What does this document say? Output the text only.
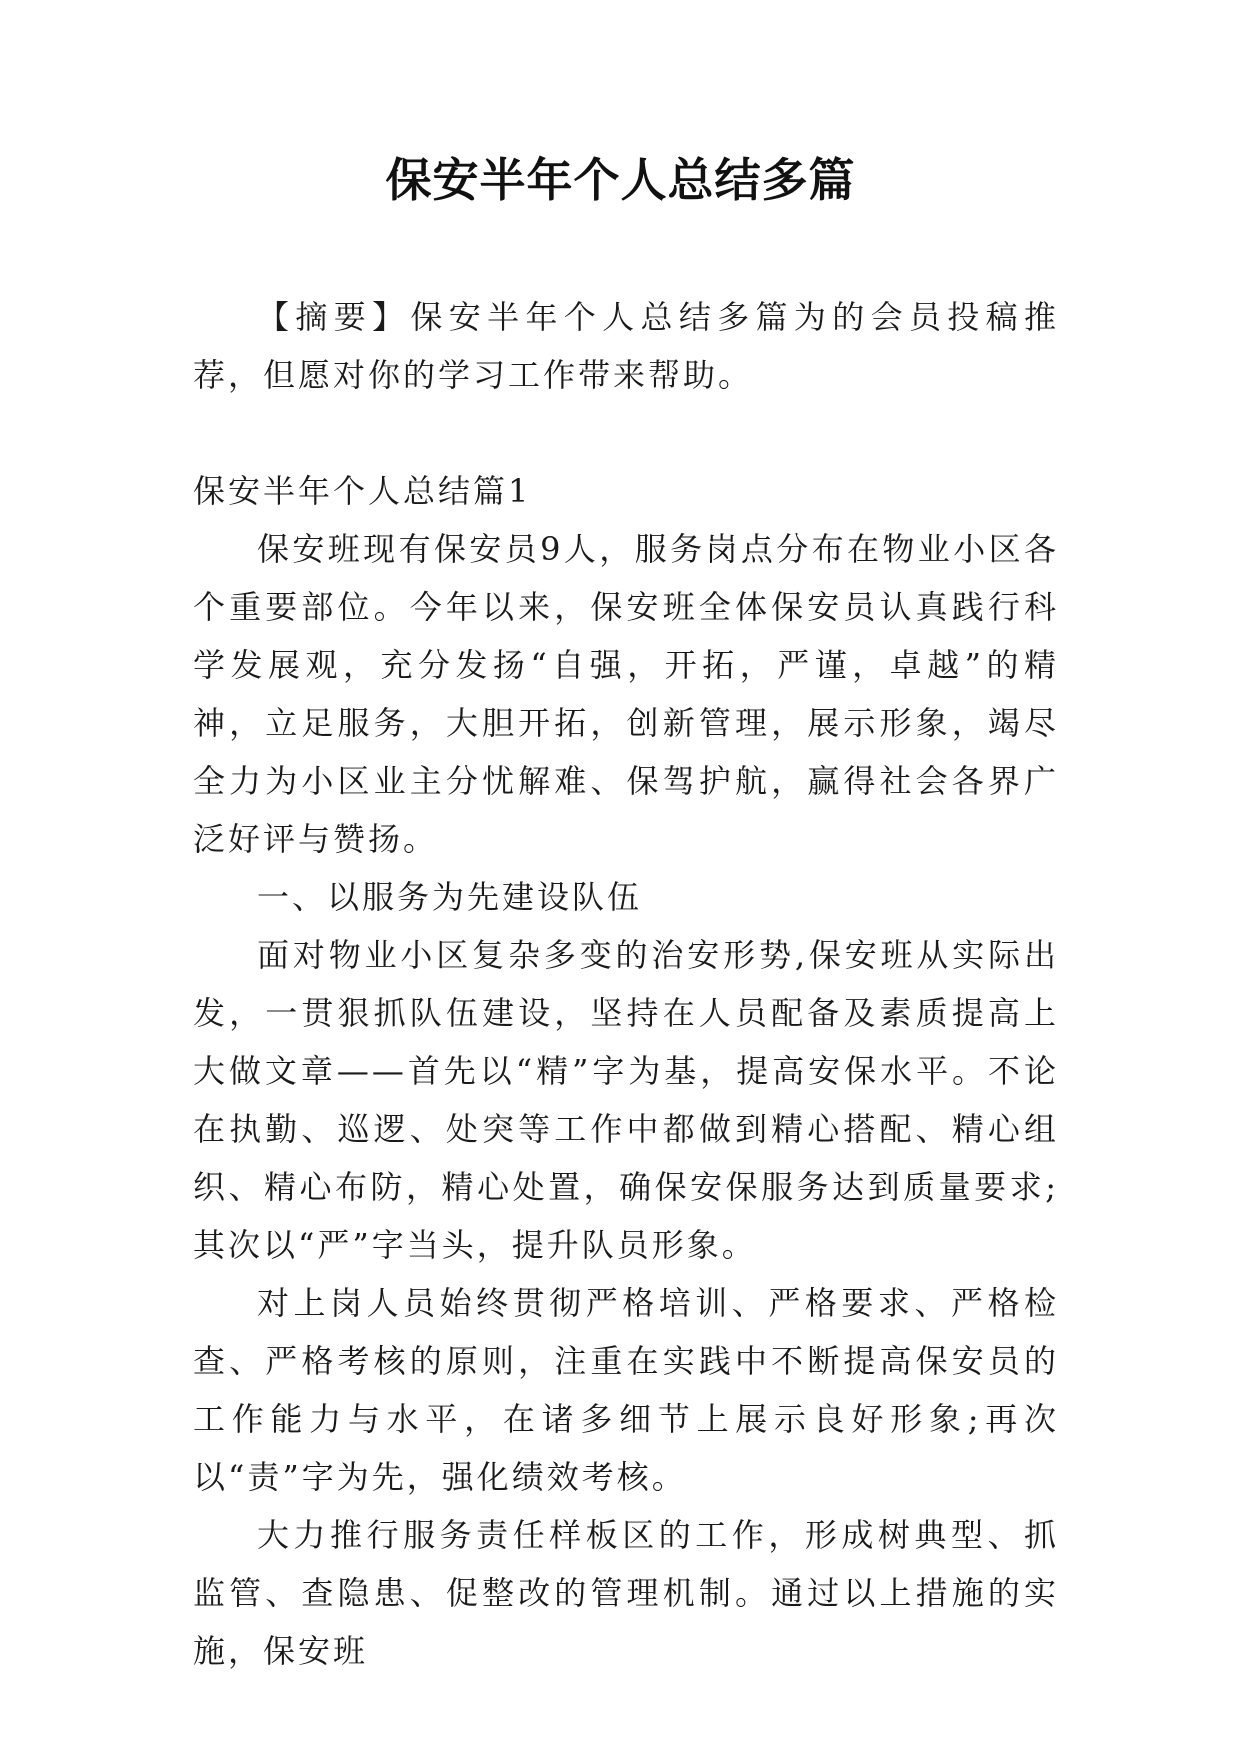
保安半年个人总结多篇

【摘要】保安半年个人总结多篇为的会员投稿推荐，但愿对你的学习工作带来帮助。

保安半年个人总结篇1

保安班现有保安员9人，服务岗点分布在物业小区各个重要部位。今年以来，保安班全体保安员认真践行科学发展观，充分发扬“自强，开拓，严谨，卓越”的精神，立足服务，大胆开拓，创新管理，展示形象，竭尽全力为小区业主分忧解难、保驾护航，赢得社会各界广泛好评与赞扬。

一、以服务为先建设队伍

面对物业小区复杂多变的治安形势,保安班从实际出发，一贯狠抓队伍建设，坚持在人员配备及素质提高上大做文章——首先以“精”字为基，提高安保水平。不论在执勤、巡逻、处突等工作中都做到精心搭配、精心组织、精心布防，精心处置，确保安保服务达到质量要求;其次以“严”字当头，提升队员形象。

对上岗人员始终贯彻严格培训、严格要求、严格检查、严格考核的原则，注重在实践中不断提高保安员的工作能力与水平，在诸多细节上展示良好形象;再次以“责”字为先，强化绩效考核。

大力推行服务责任样板区的工作，形成树典型、抓监管、查隐患、促整改的管理机制。通过以上措施的实施，保安班
